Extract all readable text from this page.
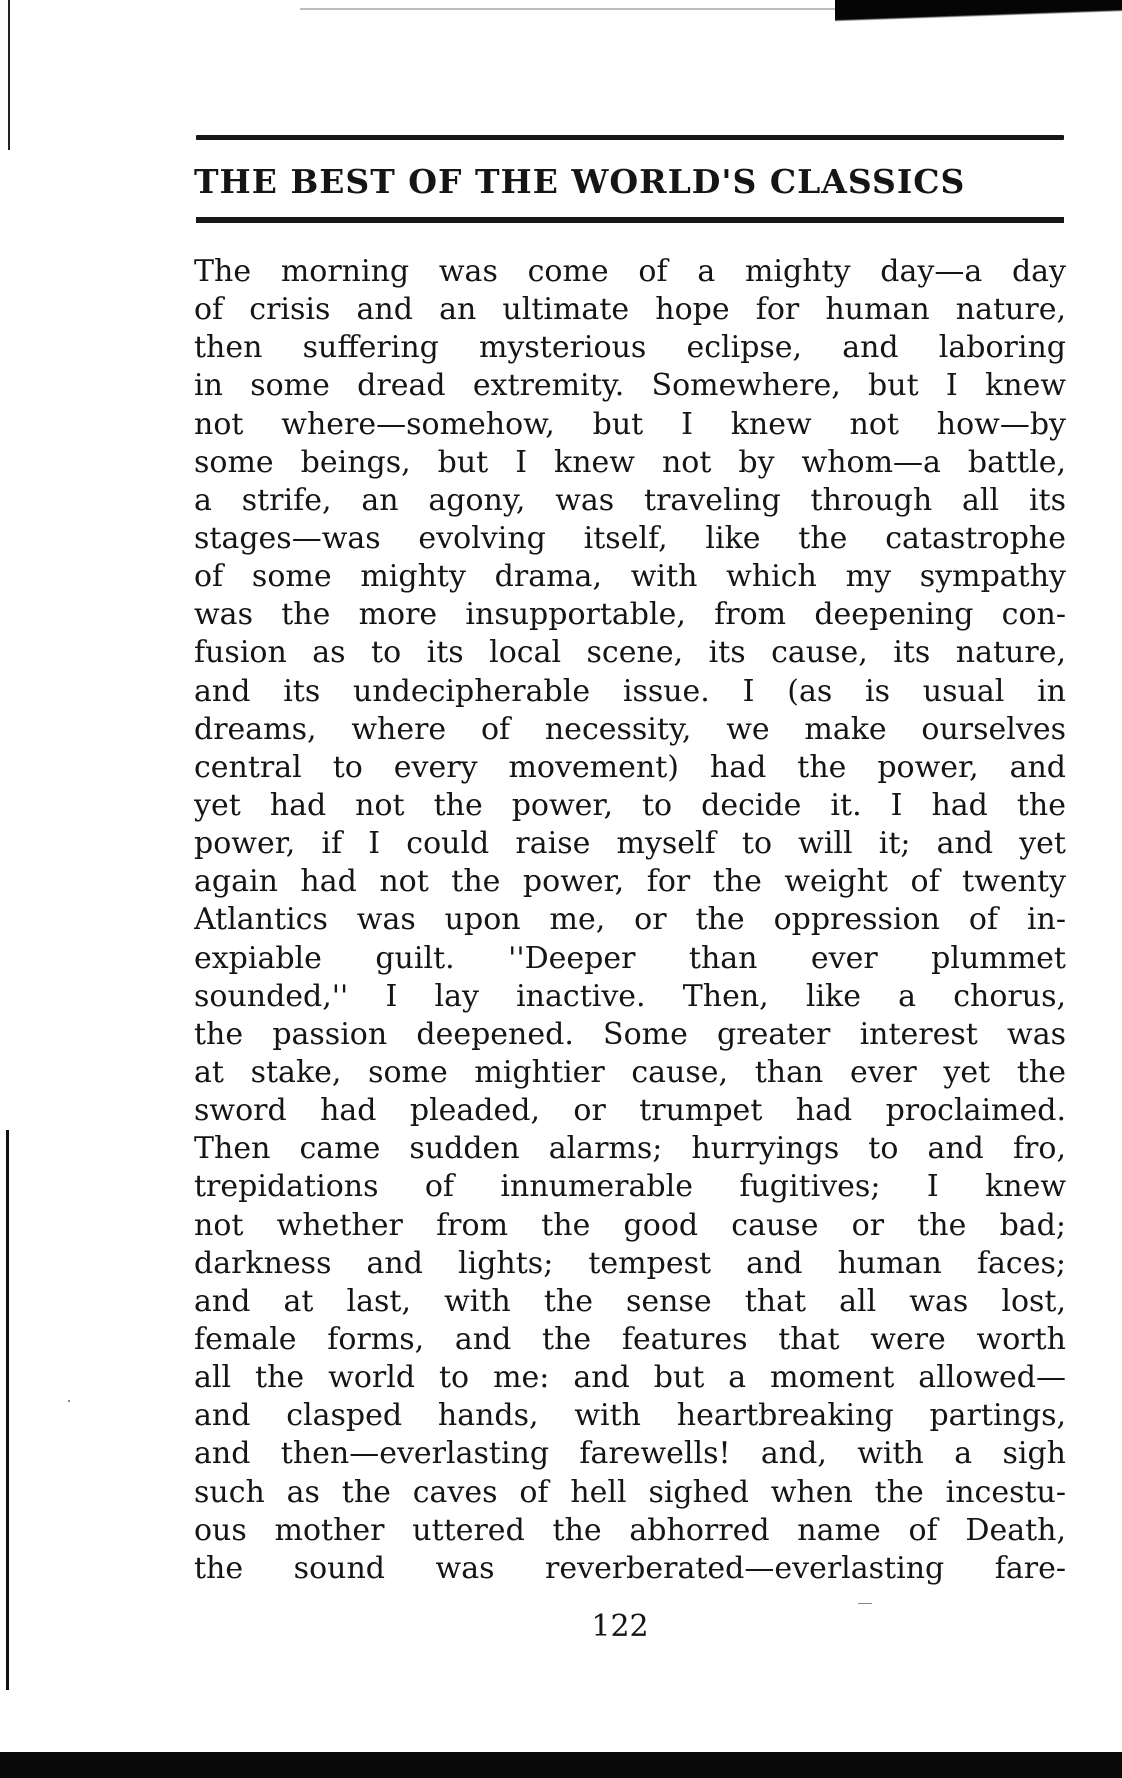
THE BEST OF THE WORLD'S CLASSICS
The morning was come of a mighty day—a day
of crisis and an ultimate hope for human nature,
then suffering mysterious eclipse, and laboring
in some dread extremity. Somewhere, but I knew
not where—somehow, but I knew not how—by
some beings, but I knew not by whom—a battle,
a strife, an agony, was traveling through all its
stages—was evolving itself, like the catastrophe
of some mighty drama, with which my sympathy
was the more insupportable, from deepening con-
fusion as to its local scene, its cause, its nature,
and its undecipherable issue. I (as is usual in
dreams, where of necessity, we make ourselves
central to every movement) had the power, and
yet had not the power, to decide it. I had the
power, if I could raise myself to will it; and yet
again had not the power, for the weight of twenty
Atlantics was upon me, or the oppression of in-
expiable guilt. ''Deeper than ever plummet
sounded,'' I lay inactive. Then, like a chorus,
the passion deepened. Some greater interest was
at stake, some mightier cause, than ever yet the
sword had pleaded, or trumpet had proclaimed.
Then came sudden alarms; hurryings to and fro,
trepidations of innumerable fugitives; I knew
not whether from the good cause or the bad;
darkness and lights; tempest and human faces;
and at last, with the sense that all was lost,
female forms, and the features that were worth
all the world to me: and but a moment allowed—
and clasped hands, with heartbreaking partings,
and then—everlasting farewells! and, with a sigh
such as the caves of hell sighed when the incestu-
ous mother uttered the abhorred name of Death,
the sound was reverberated—everlasting fare-
122
